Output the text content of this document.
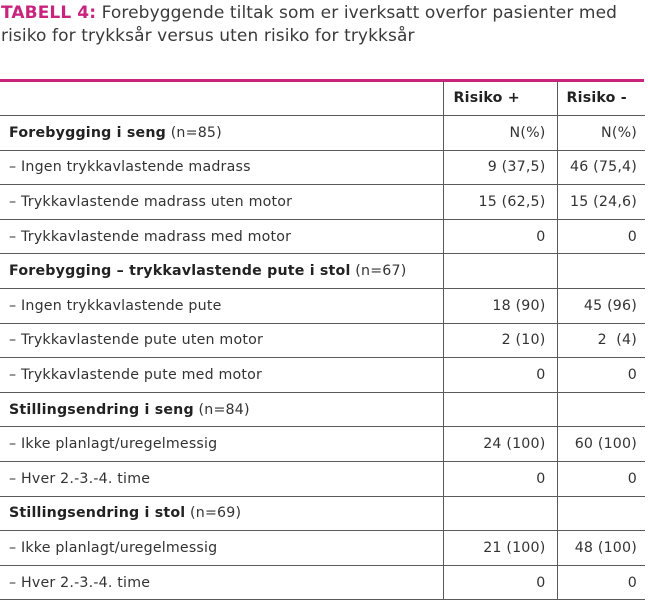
TABELL 4: Forebyggende tiltak som er iverksatt overfor pasienter med risiko for trykksår versus uten risiko for trykksår
	Risiko +	Risiko -
Forebygging i seng (n=85)	N(%)	N(%)
– Ingen trykkavlastende madrass	9 (37,5)	46 (75,4)
– Trykkavlastende madrass uten motor	15 (62,5)	15 (24,6)
– Trykkavlastende madrass med motor	0	0
Forebygging – trykkavlastende pute i stol (n=67)		
– Ingen trykkavlastende pute	18 (90)	45 (96)
– Trykkavlastende pute uten motor	2 (10)	2  (4)
– Trykkavlastende pute med motor	0	0
Stillingsendring i seng (n=84)		
– Ikke planlagt/uregelmessig	24 (100)	60 (100)
– Hver 2.-3.-4. time	0	0
Stillingsendring i stol (n=69)		
– Ikke planlagt/uregelmessig	21 (100)	48 (100)
– Hver 2.-3.-4. time	0	0
